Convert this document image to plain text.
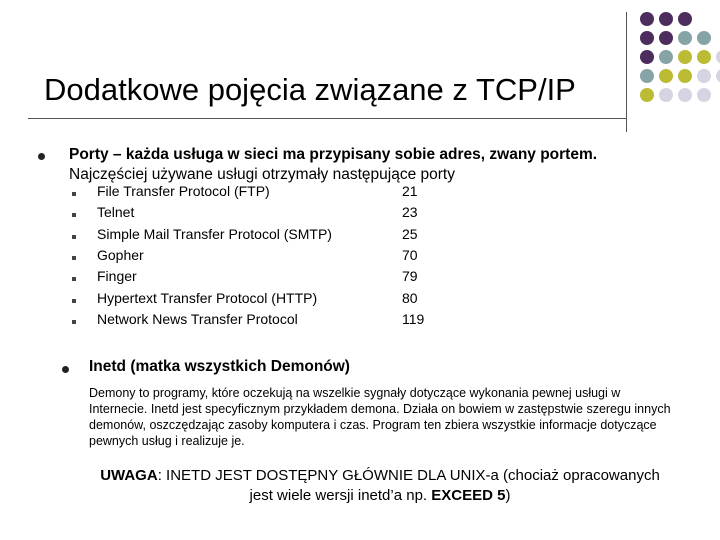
Dodatkowe pojęcia związane z TCP/IP
Porty – każda usługa w sieci ma przypisany sobie adres, zwany portem.
Najczęściej używane usługi otrzymały następujące porty
File Transfer Protocol (FTP)	21
Telnet	23
Simple Mail Transfer Protocol (SMTP)	25
Gopher	70
Finger	79
Hypertext Transfer Protocol (HTTP)	80
Network News Transfer Protocol	119
Inetd (matka wszystkich Demonów)
Demony to programy, które oczekują na wszelkie sygnały dotyczące wykonania pewnej usługi w Internecie. Inetd jest specyficznym przykładem demona. Działa on bowiem w zastępstwie szeregu innych demonów, oszczędzając zasoby komputera i czas. Program ten zbiera wszystkie informacje dotyczące pewnych usług i realizuje je.
UWAGA: INETD JEST DOSTĘPNY GŁÓWNIE DLA UNIX-a (chociaż opracowanych jest wiele wersji inetd’a np. EXCEED 5)
